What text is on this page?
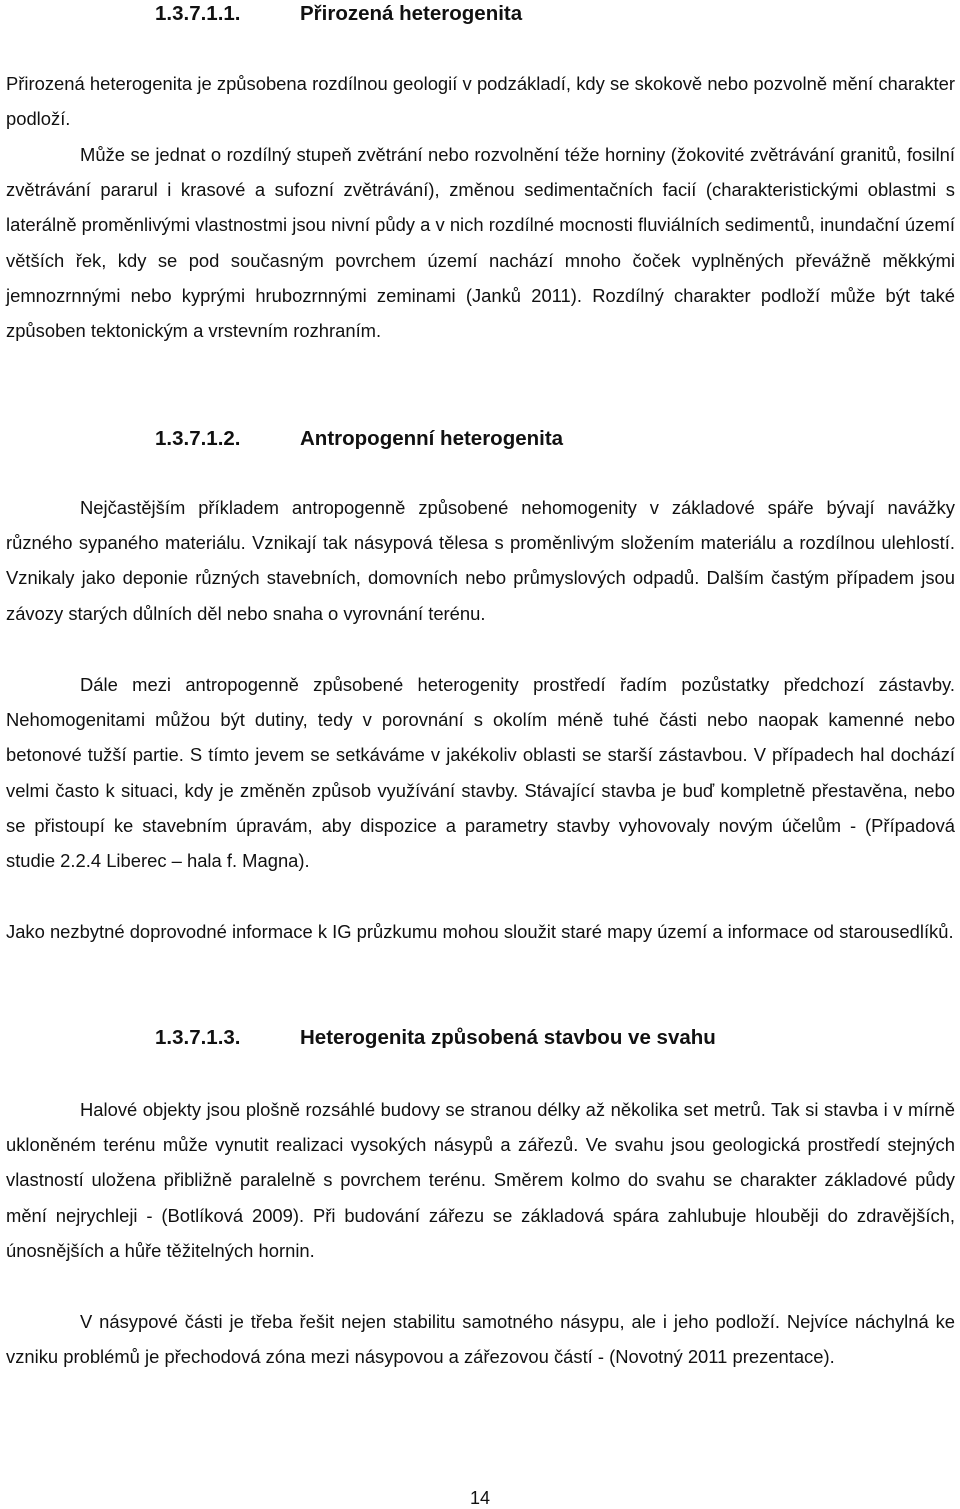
1.3.7.1.1.	Přirozená heterogenita

Přirozená heterogenita je způsobena rozdílnou geologií v podzákladí, kdy se skokově nebo pozvolně mění charakter podloží.

Může se jednat o rozdílný stupeň zvětrání nebo rozvolnění téže horniny (žokovité zvětrávání granitů, fosilní zvětrávání pararul i krasové a sufozní zvětrávání), změnou sedimentačních facií (charakteristickými oblastmi s laterálně proměnlivými vlastnostmi jsou nivní půdy a v nich rozdílné mocnosti fluviálních sedimentů, inundační území větších řek, kdy se pod současným povrchem území nachází mnoho čoček vyplněných převážně měkkými jemnozrnnými nebo kyprými hrubozrnnými zeminami (Janků 2011). Rozdílný charakter podloží může být také způsoben tektonickým a vrstevním rozhraním.

1.3.7.1.2.	Antropogenní heterogenita

Nejčastějším příkladem antropogenně způsobené nehomogenity v základové spáře bývají navážky různého sypaného materiálu. Vznikají tak násypová tělesa s proměnlivým složením materiálu a rozdílnou ulehlostí. Vznikaly jako deponie různých stavebních, domovních nebo průmyslových odpadů. Dalším častým případem jsou závozy starých důlních děl nebo snaha o vyrovnání terénu.

Dále mezi antropogenně způsobené heterogenity prostředí řadím pozůstatky předchozí zástavby. Nehomogenitami můžou být dutiny, tedy v porovnání s okolím méně tuhé části nebo naopak kamenné nebo betonové tužší partie. S tímto jevem se setkáváme v jakékoliv oblasti se starší zástavbou. V případech hal dochází velmi často k situaci, kdy je změněn způsob využívání stavby. Stávající stavba je buď kompletně přestavěna, nebo se přistoupí ke stavebním úpravám, aby dispozice a parametry stavby vyhovovaly novým účelům - (Případová studie 2.2.4 Liberec – hala f. Magna).

Jako nezbytné doprovodné informace k IG průzkumu mohou sloužit staré mapy území a informace od starousedlíků.

1.3.7.1.3.	Heterogenita způsobená stavbou ve svahu

Halové objekty jsou plošně rozsáhlé budovy se stranou délky až několika set metrů. Tak si stavba i v mírně ukloněném terénu může vynutit realizaci vysokých násypů a zářezů. Ve svahu jsou geologická prostředí stejných vlastností uložena přibližně paralelně s povrchem terénu. Směrem kolmo do svahu se charakter základové půdy mění nejrychleji - (Botlíková 2009). Při budování zářezu se základová spára zahlubuje hlouběji do zdravějších, únosnějších a hůře těžitelných hornin.

V násypové části je třeba řešit nejen stabilitu samotného násypu, ale i jeho podloží. Nejvíce náchylná ke vzniku problémů je přechodová zóna mezi násypovou a zářezovou částí - (Novotný 2011 prezentace).

14
